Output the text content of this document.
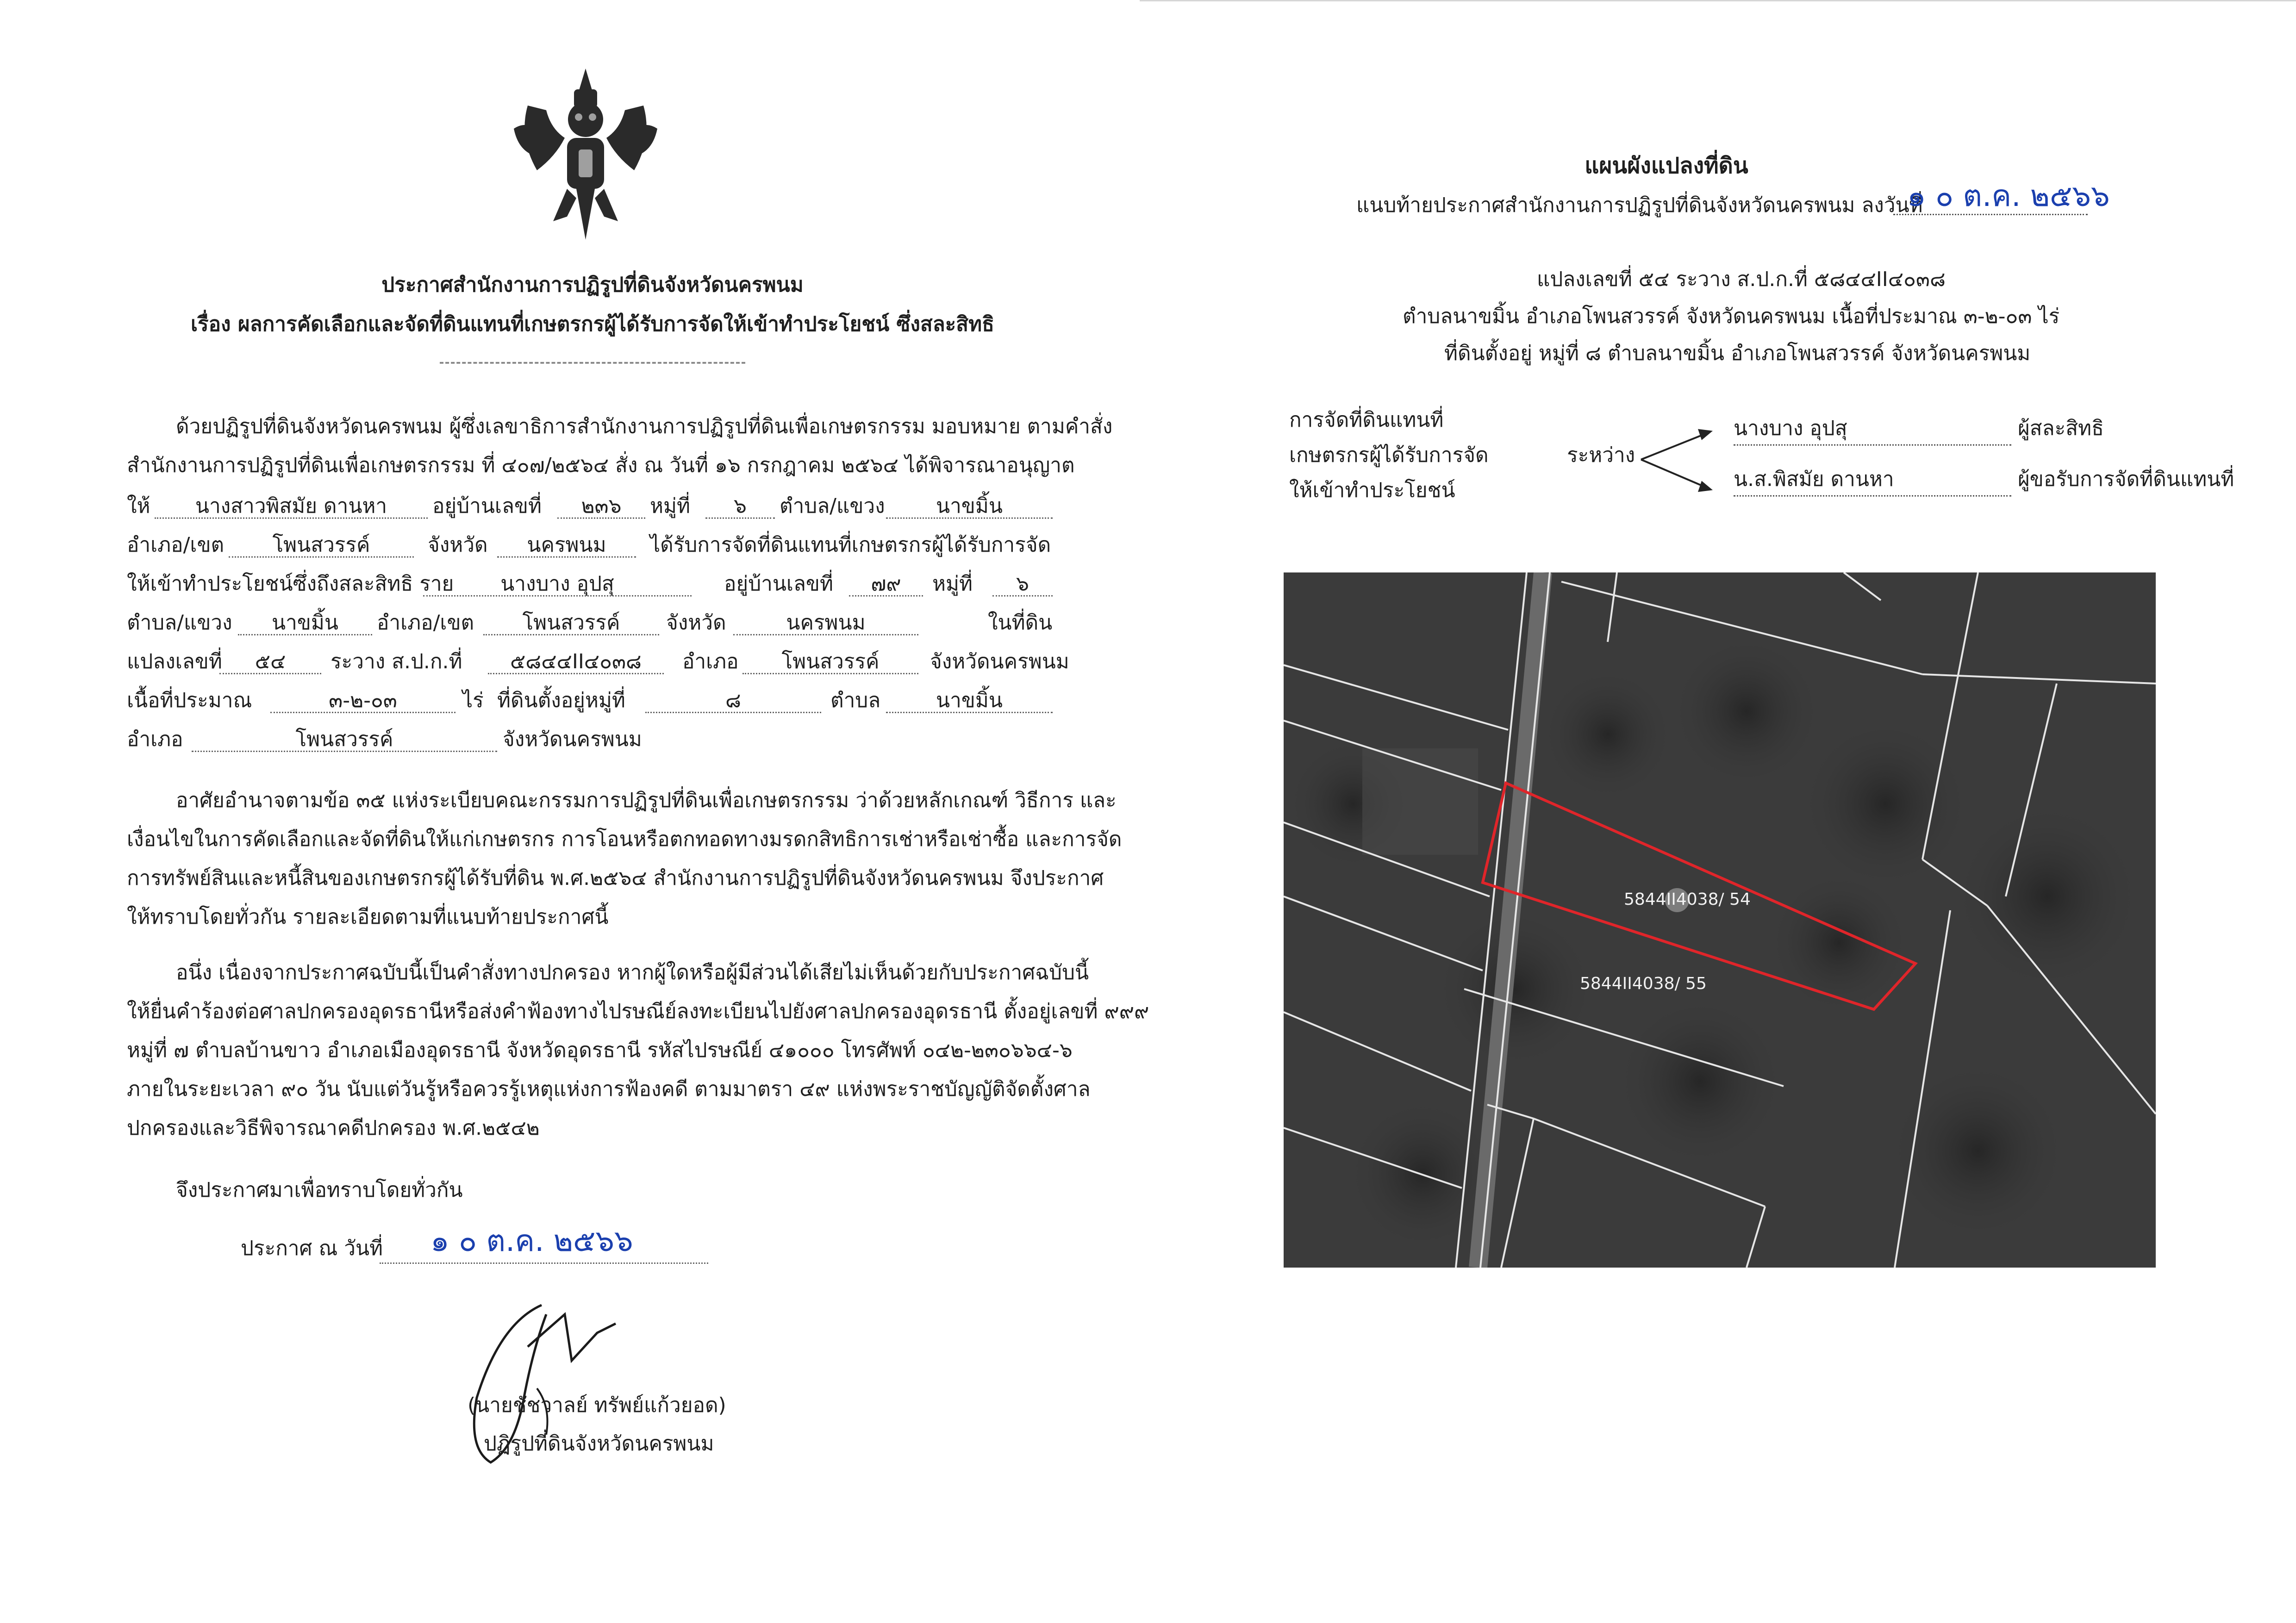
ประกาศสำนักงานการปฏิรูปที่ดินจังหวัดนครพนม
เรื่อง ผลการคัดเลือกและจัดที่ดินแทนที่เกษตรกรผู้ได้รับการจัดให้เข้าทำประโยชน์ ซึ่งสละสิทธิ
ด้วยปฏิรูปที่ดินจังหวัดนครพนม ผู้ซึ่งเลขาธิการสำนักงานการปฏิรูปที่ดินเพื่อเกษตรกรรม มอบหมาย ตามคำสั่ง
สำนักงานการปฏิรูปที่ดินเพื่อเกษตรกรรม ที่ ๔๐๗/๒๕๖๔ สั่ง ณ วันที่ ๑๖ กรกฎาคม ๒๕๖๔ ได้พิจารณาอนุญาต
ให้	นางสาวพิสมัย ดานหา	อยู่บ้านเลขที่	๒๓๖	หมู่ที่	๖	ตำบล/แขวง	นาขมิ้น
อำเภอ/เขต	โพนสวรรค์	จังหวัด	นครพนม	ได้รับการจัดที่ดินแทนที่เกษตรกรผู้ได้รับการจัด
ให้เข้าทำประโยชน์ซึ่งถึงสละสิทธิ ราย	นางบาง อุปสุ	อยู่บ้านเลขที่	๗๙	หมู่ที่	๖
ตำบล/แขวง	นาขมิ้น	อำเภอ/เขต	โพนสวรรค์	จังหวัด	นครพนม	ในที่ดิน
แปลงเลขที่	๕๔	ระวาง ส.ป.ก.ที่	๕๘๔๔II๔๐๓๘	อำเภอ	โพนสวรรค์	จังหวัดนครพนม
เนื้อที่ประมาณ	๓-๒-๐๓	ไร่ ที่ดินตั้งอยู่หมู่ที่	๘	ตำบล	นาขมิ้น
อำเภอ	โพนสวรรค์	จังหวัดนครพนม
อาศัยอำนาจตามข้อ ๓๕ แห่งระเบียบคณะกรรมการปฏิรูปที่ดินเพื่อเกษตรกรรม ว่าด้วยหลักเกณฑ์ วิธีการ และ
เงื่อนไขในการคัดเลือกและจัดที่ดินให้แก่เกษตรกร การโอนหรือตกทอดทางมรดกสิทธิการเช่าหรือเช่าซื้อ และการจัด
การทรัพย์สินและหนี้สินของเกษตรกรผู้ได้รับที่ดิน พ.ศ.๒๕๖๔ สำนักงานการปฏิรูปที่ดินจังหวัดนครพนม จึงประกาศ
ให้ทราบโดยทั่วกัน รายละเอียดตามที่แนบท้ายประกาศนี้
อนึ่ง เนื่องจากประกาศฉบับนี้เป็นคำสั่งทางปกครอง หากผู้ใดหรือผู้มีส่วนได้เสียไม่เห็นด้วยกับประกาศฉบับนี้
ให้ยื่นคำร้องต่อศาลปกครองอุดรธานีหรือส่งคำฟ้องทางไปรษณีย์ลงทะเบียนไปยังศาลปกครองอุดรธานี ตั้งอยู่เลขที่ ๙๙๙
หมู่ที่ ๗ ตำบลบ้านขาว อำเภอเมืองอุดรธานี จังหวัดอุดรธานี รหัสไปรษณีย์ ๔๑๐๐๐ โทรศัพท์ ๐๔๒-๒๓๐๖๖๔-๖
ภายในระยะเวลา ๙๐ วัน นับแต่วันรู้หรือควรรู้เหตุแห่งการฟ้องคดี ตามมาตรา ๔๙ แห่งพระราชบัญญัติจัดตั้งศาล
ปกครองและวิธีพิจารณาคดีปกครอง พ.ศ.๒๕๔๒
จึงประกาศมาเพื่อทราบโดยทั่วกัน
ประกาศ ณ วันที่ ๑ ๐ ต.ค. ๒๕๖๖
(นายชัชวาลย์ ทรัพย์แก้วยอด)
ปฏิรูปที่ดินจังหวัดนครพนม
แผนผังแปลงที่ดิน
แนบท้ายประกาศสำนักงานการปฏิรูปที่ดินจังหวัดนครพนม ลงวันที่
๑ ๐ ต.ค. ๒๕๖๖
แปลงเลขที่ ๕๔ ระวาง ส.ป.ก.ที่ ๕๘๔๔II๔๐๓๘
ตำบลนาขมิ้น อำเภอโพนสวรรค์ จังหวัดนครพนม เนื้อที่ประมาณ ๓-๒-๐๓ ไร่
ที่ดินตั้งอยู่ หมู่ที่ ๘ ตำบลนาขมิ้น อำเภอโพนสวรรค์ จังหวัดนครพนม
การจัดที่ดินแทนที่
เกษตรกรผู้ได้รับการจัด
ให้เข้าทำประโยชน์
ระหว่าง
นางบาง อุปสุ	ผู้สละสิทธิ
น.ส.พิสมัย ดานหา	ผู้ขอรับการจัดที่ดินแทนที่
5844II4038/ 54
5844II4038/ 55
